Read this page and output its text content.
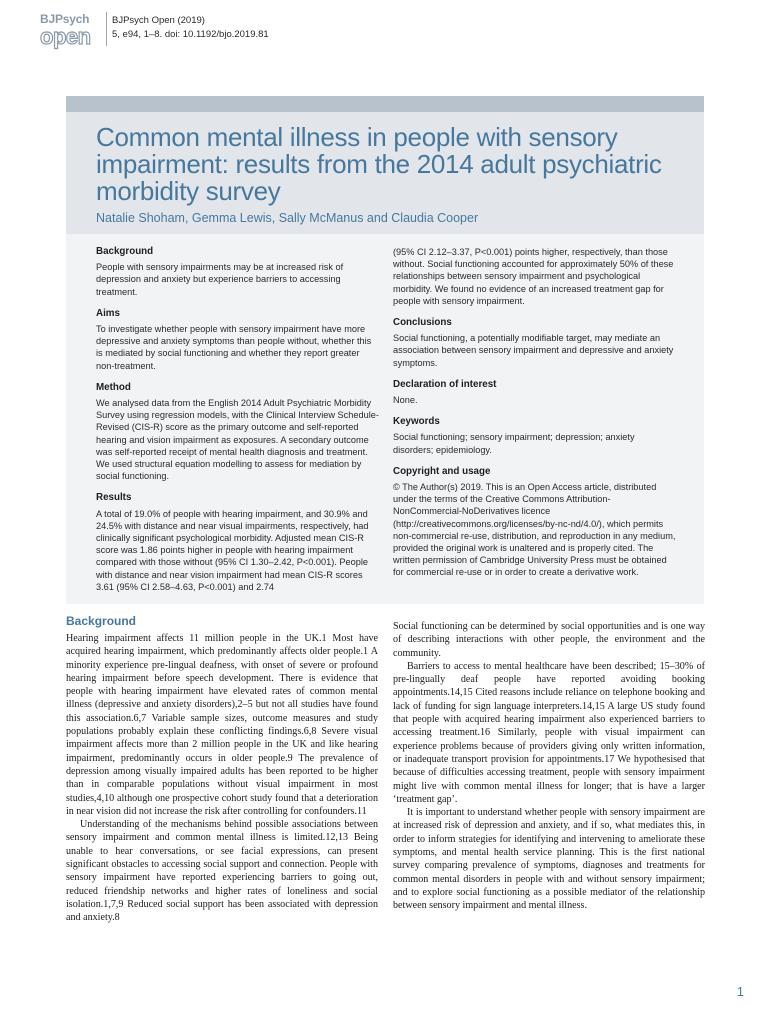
BJPsych
open
BJPsych Open (2019)
5, e94, 1–8. doi: 10.1192/bjo.2019.81
Common mental illness in people with sensory impairment: results from the 2014 adult psychiatric morbidity survey
Natalie Shoham, Gemma Lewis, Sally McManus and Claudia Cooper
Background

People with sensory impairments may be at increased risk of depression and anxiety but experience barriers to accessing treatment.

Aims

To investigate whether people with sensory impairment have more depressive and anxiety symptoms than people without, whether this is mediated by social functioning and whether they report greater non-treatment.

Method

We analysed data from the English 2014 Adult Psychiatric Morbidity Survey using regression models, with the Clinical Interview Schedule-Revised (CIS-R) score as the primary outcome and self-reported hearing and vision impairment as exposures. A secondary outcome was self-reported receipt of mental health diagnosis and treatment. We used structural equation modelling to assess for mediation by social functioning.

Results

A total of 19.0% of people with hearing impairment, and 30.9% and 24.5% with distance and near visual impairments, respectively, had clinically significant psychological morbidity. Adjusted mean CIS-R score was 1.86 points higher in people with hearing impairment compared with those without (95% CI 1.30–2.42, P<0.001). People with distance and near vision impairment had mean CIS-R scores 3.61 (95% CI 2.58–4.63, P<0.001) and 2.74

(95% CI 2.12–3.37, P<0.001) points higher, respectively, than those without. Social functioning accounted for approximately 50% of these relationships between sensory impairment and psychological morbidity. We found no evidence of an increased treatment gap for people with sensory impairment.

Conclusions

Social functioning, a potentially modifiable target, may mediate an association between sensory impairment and depressive and anxiety symptoms.

Declaration of interest

None.

Keywords

Social functioning; sensory impairment; depression; anxiety disorders; epidemiology.

Copyright and usage

© The Author(s) 2019. This is an Open Access article, distributed under the terms of the Creative Commons Attribution-NonCommercial-NoDerivatives licence (http://creativecommons.org/licenses/by-nc-nd/4.0/), which permits non-commercial re-use, distribution, and reproduction in any medium, provided the original work is unaltered and is properly cited. The written permission of Cambridge University Press must be obtained for commercial re-use or in order to create a derivative work.

Background

Hearing impairment affects 11 million people in the UK.1 Most have acquired hearing impairment, which predominantly affects older people.1 A minority experience pre-lingual deafness, with onset of severe or profound hearing impairment before speech development. There is evidence that people with hearing impairment have elevated rates of common mental illness (depressive and anxiety disorders),2–5 but not all studies have found this association.6,7 Variable sample sizes, outcome measures and study populations probably explain these conflicting findings.6,8 Severe visual impairment affects more than 2 million people in the UK and like hearing impairment, predominantly occurs in older people.9 The prevalence of depression among visually impaired adults has been reported to be higher than in comparable populations without visual impairment in most studies,4,10 although one prospective cohort study found that a deterioration in near vision did not increase the risk after controlling for confounders.11

Understanding of the mechanisms behind possible associations between sensory impairment and common mental illness is limited.12,13 Being unable to hear conversations, or see facial expressions, can present significant obstacles to accessing social support and connection. People with sensory impairment have reported experiencing barriers to going out, reduced friendship networks and higher rates of loneliness and social isolation.1,7,9 Reduced social support has been associated with depression and anxiety.8

Social functioning can be determined by social opportunities and is one way of describing interactions with other people, the environment and the community.

Barriers to access to mental healthcare have been described; 15–30% of pre-lingually deaf people have reported avoiding booking appointments.14,15 Cited reasons include reliance on telephone booking and lack of funding for sign language interpreters.14,15 A large US study found that people with acquired hearing impairment also experienced barriers to accessing treatment.16 Similarly, people with visual impairment can experience problems because of providers giving only written information, or inadequate transport provision for appointments.17 We hypothesised that because of difficulties accessing treatment, people with sensory impairment might live with common mental illness for longer; that is have a larger ‘treatment gap’.

It is important to understand whether people with sensory impairment are at increased risk of depression and anxiety, and if so, what mediates this, in order to inform strategies for identifying and intervening to ameliorate these symptoms, and mental health service planning. This is the first national survey comparing prevalence of symptoms, diagnoses and treatments for common mental disorders in people with and without sensory impairment; and to explore social functioning as a possible mediator of the relationship between sensory impairment and mental illness.

1
